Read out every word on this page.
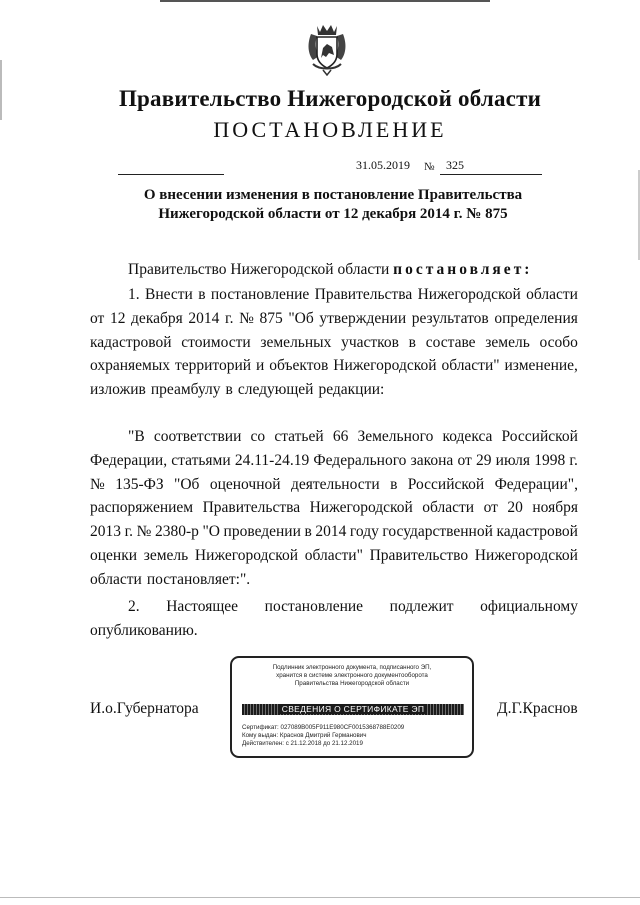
Правительство Нижегородской области
ПОСТАНОВЛЕНИЕ
31.05.2019 № 325
О внесении изменения в постановление Правительства
Нижегородской области от 12 декабря 2014 г. № 875
Правительство Нижегородской области постановляет:
1. Внести в постановление Правительства Нижегородской области
от 12 декабря 2014 г. № 875 "Об утверждении результатов определения
кадастровой стоимости земельных участков в составе земель особо
охраняемых территорий и объектов Нижегородской области" изменение,
изложив преамбулу в следующей редакции:
"В соответствии со статьей 66 Земельного кодекса Российской
Федерации, статьями 24.11-24.19 Федерального закона от 29 июля 1998 г.
№ 135-ФЗ "Об оценочной деятельности в Российской Федерации",
распоряжением Правительства Нижегородской области от 20 ноября
2013 г. № 2380-р "О проведении в 2014 году государственной кадастровой
оценки земель Нижегородской области" Правительство Нижегородской
области постановляет:".
2. Настоящее постановление подлежит официальному
опубликованию.
И.о.Губернатора	Д.Г.Краснов
Подлинник электронного документа, подписанного ЭП,
хранится в системе электронного документооборота
Правительства Нижегородской области
СВЕДЕНИЯ О СЕРТИФИКАТЕ ЭП
Сертификат: 027089B005F911E980CF0015368788E0209
Кому выдан: Краснов Дмитрий Германович
Действителен: с 21.12.2018 до 21.12.2019
